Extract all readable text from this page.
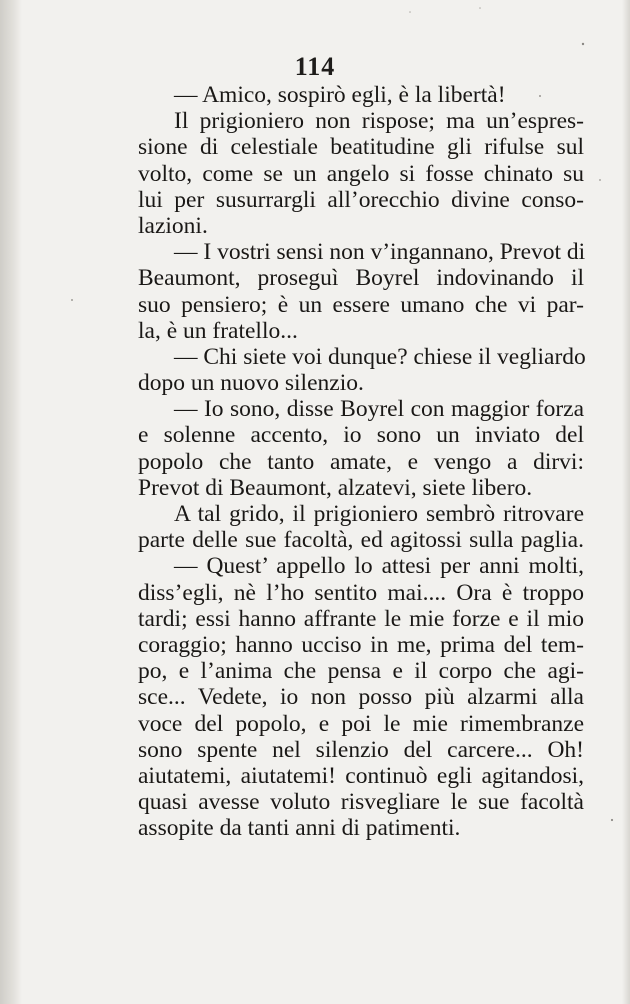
114
— Amico, sospirò egli, è la libertà!
Il prigioniero non rispose; ma un’espres-
sione di celestiale beatitudine gli rifulse sul
volto, come se un angelo si fosse chinato su
lui per susurrargli all’orecchio divine conso-
lazioni.
— I vostri sensi non v’ingannano, Prevot di
Beaumont, proseguì Boyrel indovinando il
suo pensiero; è un essere umano che vi par-
la, è un fratello...
— Chi siete voi dunque? chiese il vegliardo
dopo un nuovo silenzio.
— Io sono, disse Boyrel con maggior forza
e solenne accento, io sono un inviato del
popolo che tanto amate, e vengo a dirvi:
Prevot di Beaumont, alzatevi, siete libero.
A tal grido, il prigioniero sembrò ritrovare
parte delle sue facoltà, ed agitossi sulla paglia.
— Quest’ appello lo attesi per anni molti,
diss’egli, nè l’ho sentito mai.... Ora è troppo
tardi; essi hanno affrante le mie forze e il mio
coraggio; hanno ucciso in me, prima del tem-
po, e l’anima che pensa e il corpo che agi-
sce... Vedete, io non posso più alzarmi alla
voce del popolo, e poi le mie rimembranze
sono spente nel silenzio del carcere... Oh!
aiutatemi, aiutatemi! continuò egli agitandosi,
quasi avesse voluto risvegliare le sue facoltà
assopite da tanti anni di patimenti.
